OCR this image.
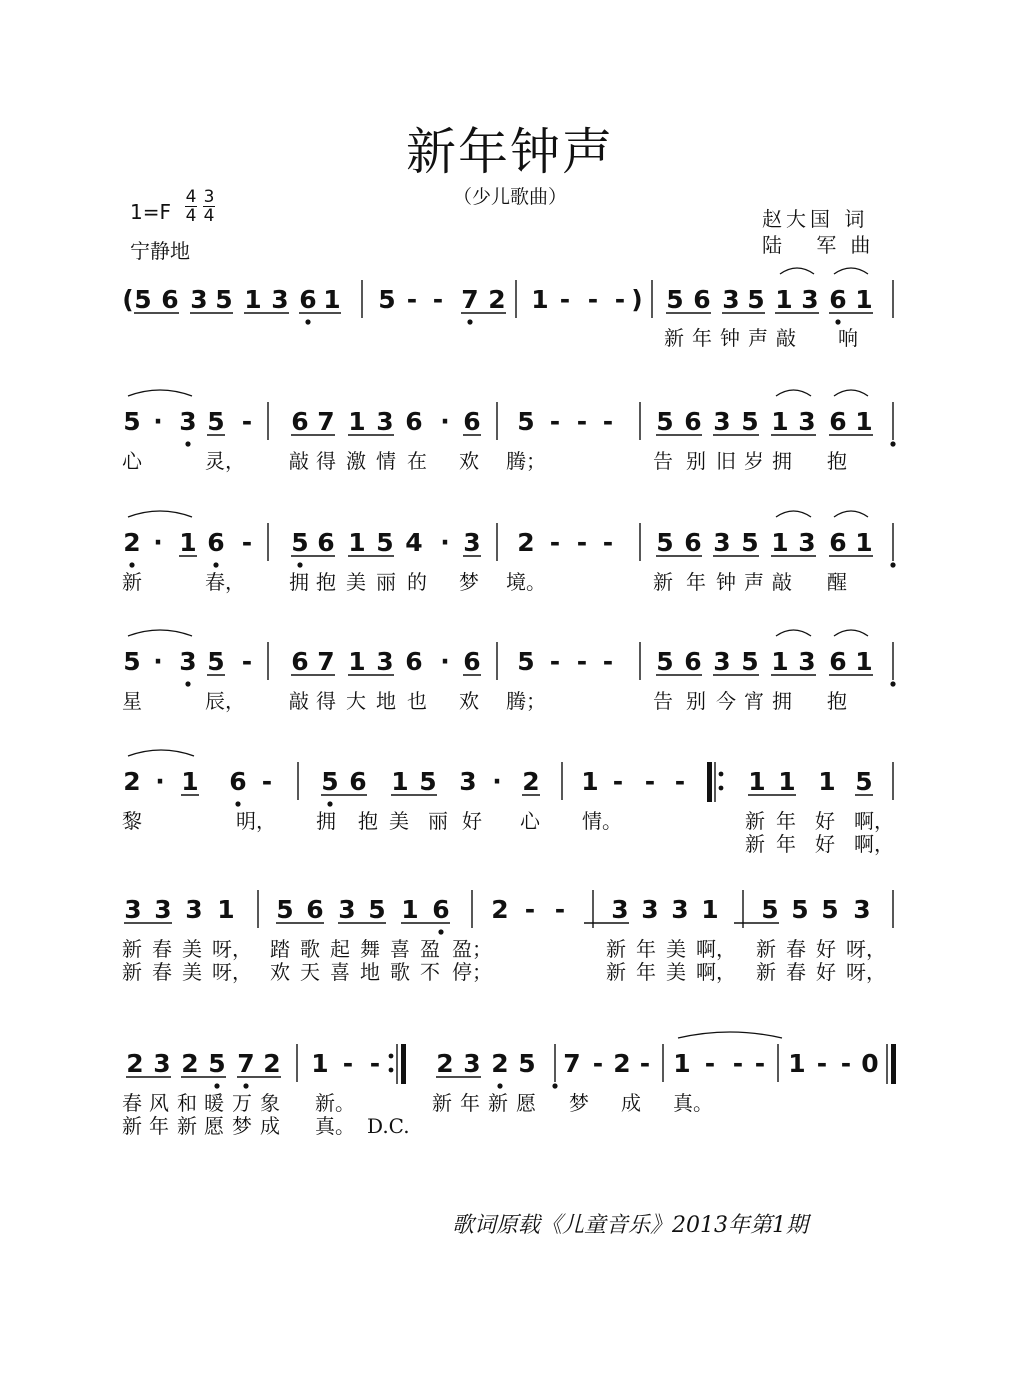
新年钟声
（少儿歌曲）
1=F
4
4
3
4
宁静地
赵大国 词
陆 军曲
( 5 6 3 5 1 3 6 1 5 - - 7 2 1 - - - ) 5 6 3 5 1 3 6 1
新 年 钟 声 敲 响
5 · 3 5 - 6 7 1 3 6 · 6 5 - - - 5 6 3 5 1 3 6 1
心	灵， 敲 得 激 情 在 欢 腾；	告 别 旧 岁 拥 抱
2 · 1 6 - 5 6 1 5 4 · 3 2 - - - 5 6 3 5 1 3 6 1
新	春， 拥 抱 美 丽 的 梦 境。	新 年 钟 声 敲 醒
5 · 3 5 - 6 7 1 3 6 · 6 5 - - - 5 6 3 5 1 3 6 1
星	辰， 敲 得 大 地 也 欢 腾；	告 别 今 宵 拥 抱
2 · 1 6 - 5 6 1 5 3 · 2 1 - - -	1 1 1 5
黎	明， 拥 抱 美 丽 好 心 情。	新 年 好 啊，
新 年 好 啊，
3 3 3 1 5 6 3 5 1 6 2 - - 3 3 3 1 5 5 5 3
新 春 美 呀， 踏 歌 起 舞 喜 盈 盈；	新 年 美 啊， 新 春 好 呀，
新 春 美 呀， 欢 天 喜 地 歌 不 停；	新 年 美 啊， 新 春 好 呀，
2 3 2 5 7 2 1 - - 2 3 2 5 7 - 2 - 1 - - - 1 - - 0
春 风 和 暖 万 象 新。	新 年 新 愿 梦 成 真。
新 年 新 愿 梦 成 真。 D.C.
歌词原载《儿童音乐》2013年第1期
